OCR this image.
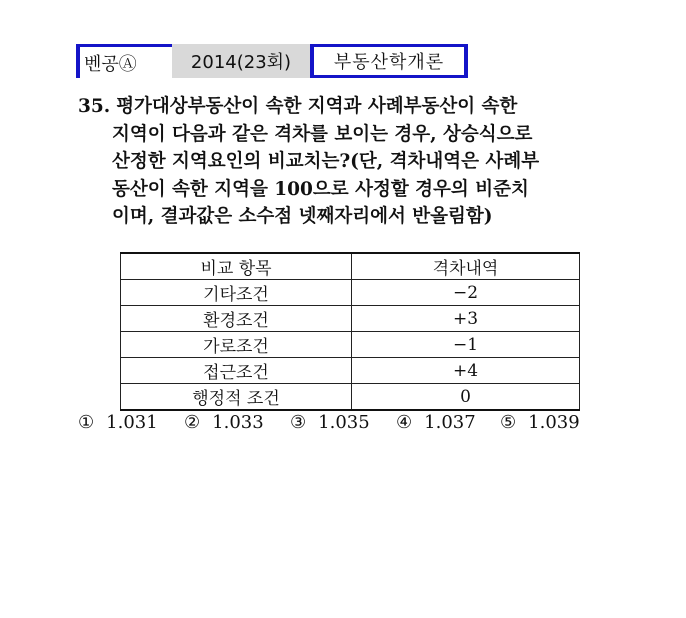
벤공Ⓐ	2014(23회)	부동산학개론
35. 평가대상부동산이 속한 지역과 사례부동산이 속한
지역이 다음과 같은 격차를 보이는 경우, 상승식으로
산정한 지역요인의 비교치는?(단, 격차내역은 사례부
동산이 속한 지역을 100으로 사정할 경우의 비준치
이며, 결과값은 소수점 넷째자리에서 반올림함)
비교 항목	격차내역
기타조건	−2
환경조건	+3
가로조건	−1
접근조건	+4
행정적 조건	0
① 1.031 ② 1.033 ③ 1.035 ④ 1.037 ⑤ 1.039
